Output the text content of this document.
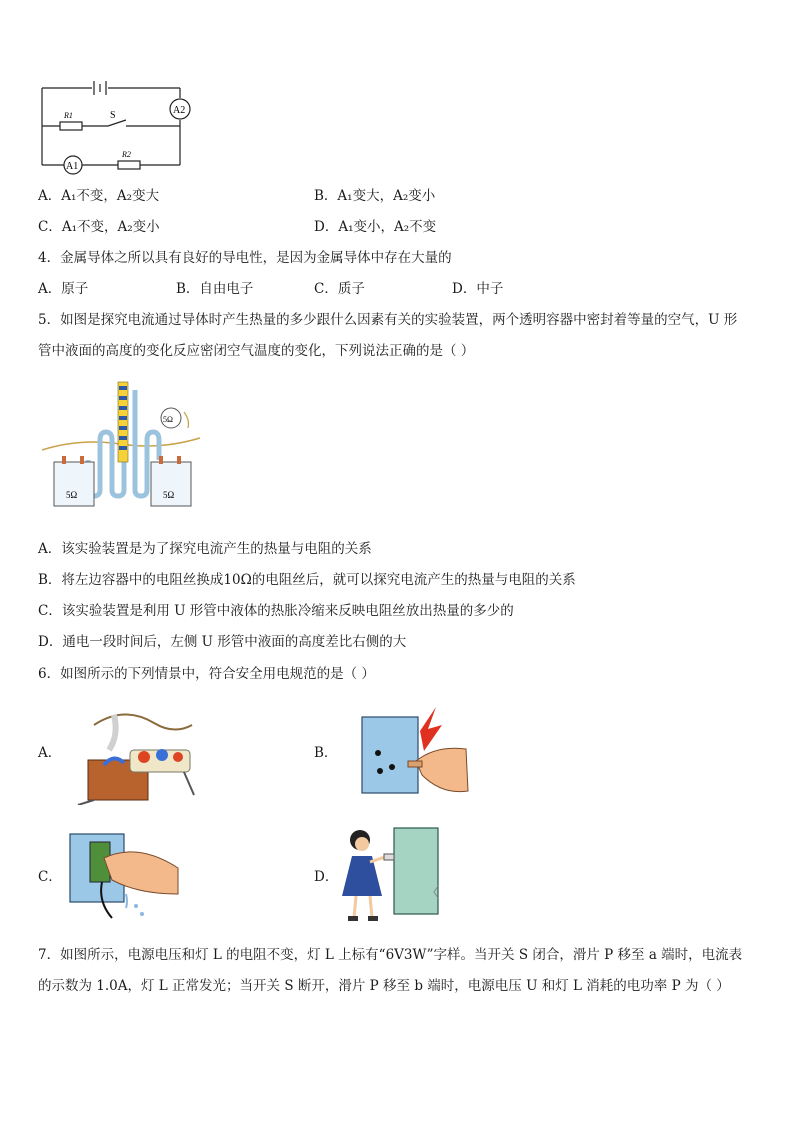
R1
R2
S	A2
A1
A．A₁不变，A₂变大	B．A₁变大，A₂变小
C．A₁不变，A₂变小	D．A₁变小，A₂不变
4．金属导体之所以具有良好的导电性，是因为金属导体中存在大量的
A．原子	B．自由电子	C．质子	D．中子
5．如图是探究电流通过导体时产生热量的多少跟什么因素有关的实验装置，两个透明容器中密封着等量的空气，U 形
管中液面的高度的变化反应密闭空气温度的变化，下列说法正确的是（ ）
5Ω
5Ω	5Ω
A．该实验装置是为了探究电流产生的热量与电阻的关系
B．将左边容器中的电阻丝换成10Ω的电阻丝后，就可以探究电流产生的热量与电阻的关系
C．该实验装置是利用 U 形管中液体的热胀冷缩来反映电阻丝放出热量的多少的
D．通电一段时间后，左侧 U 形管中液面的高度差比右侧的大
6．如图所示的下列情景中，符合安全用电规范的是（ ）
A．	B．
C．	D．
7．如图所示，电源电压和灯 L 的电阻不变，灯 L 上标有“6V3W”字样。当开关 S 闭合，滑片 P 移至 a 端时，电流表
的示数为 1.0A，灯 L 正常发光；当开关 S 断开，滑片 P 移至 b 端时，电源电压 U 和灯 L 消耗的电功率 P 为（ ）
